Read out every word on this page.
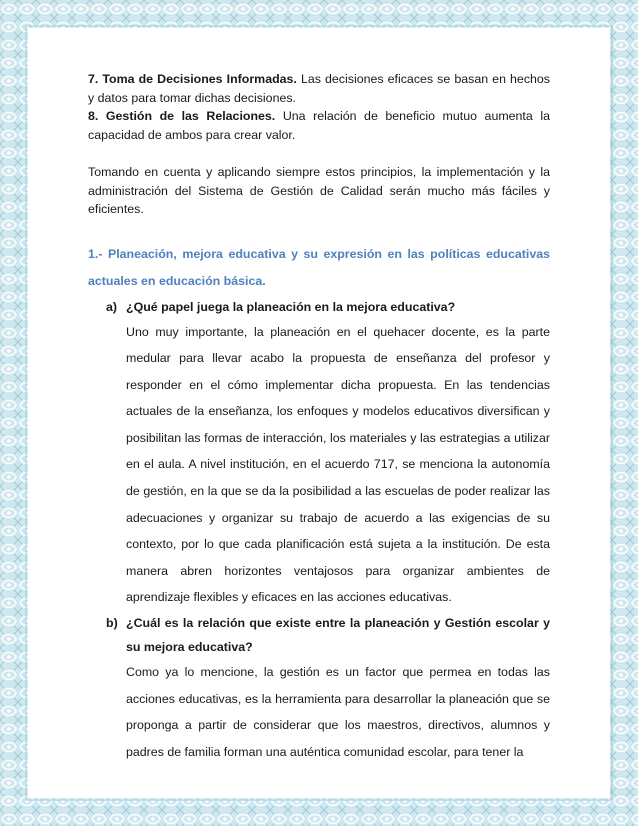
7. Toma de Decisiones Informadas. Las decisiones eficaces se basan en hechos y datos para tomar dichas decisiones.

8. Gestión de las Relaciones. Una relación de beneficio mutuo aumenta la capacidad de ambos para crear valor.

Tomando en cuenta y aplicando siempre estos principios, la implementación y la administración del Sistema de Gestión de Calidad serán mucho más fáciles y eficientes.

1.- Planeación, mejora educativa y su expresión en las políticas educativas actuales en educación básica.

a) ¿Qué papel juega la planeación en la mejora educativa?

Uno muy importante, la planeación en el quehacer docente, es la parte medular para llevar acabo la propuesta de enseñanza del profesor y responder en el cómo implementar dicha propuesta. En las tendencias actuales de la enseñanza, los enfoques y modelos educativos diversifican y posibilitan las formas de interacción, los materiales y las estrategias a utilizar en el aula. A nivel institución, en el acuerdo 717, se menciona la autonomía de gestión, en la que se da la posibilidad a las escuelas de poder realizar las adecuaciones y organizar su trabajo de acuerdo a las exigencias de su contexto, por lo que cada planificación está sujeta a la institución. De esta manera abren horizontes ventajosos para organizar ambientes de aprendizaje flexibles y eficaces en las acciones educativas.

b) ¿Cuál es la relación que existe entre la planeación y Gestión escolar y su mejora educativa?

Como ya lo mencione, la gestión es un factor que permea en todas las acciones educativas, es la herramienta para desarrollar la planeación que se proponga a partir de considerar que los maestros, directivos, alumnos y padres de familia forman una auténtica comunidad escolar, para tener la
